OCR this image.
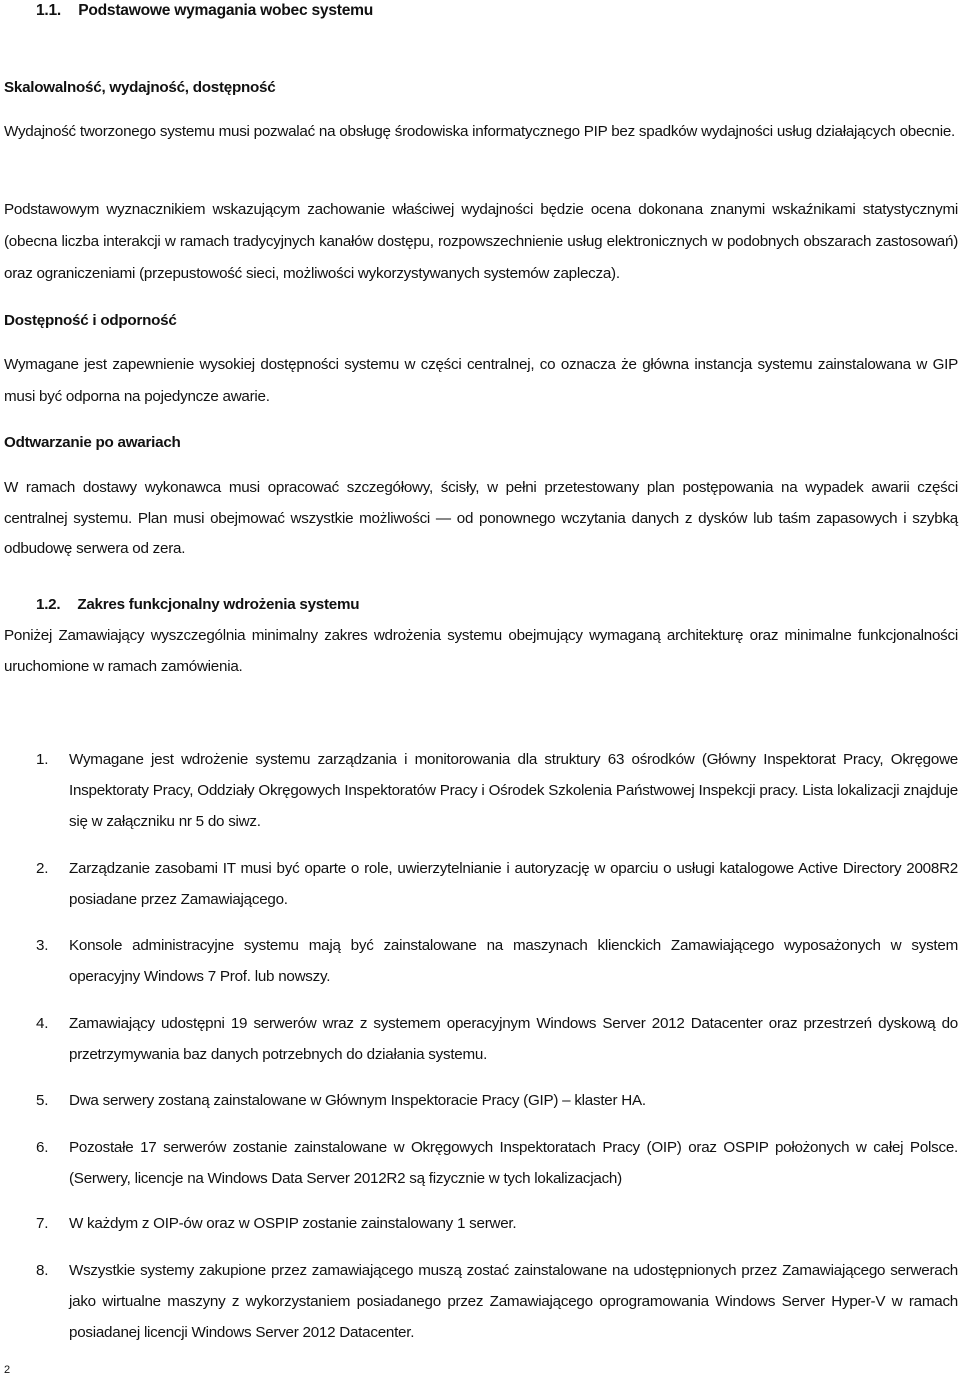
1.1. Podstawowe wymagania wobec systemu
Skalowalność, wydajność, dostępność

Wydajność tworzonego systemu musi pozwalać na obsługę środowiska informatycznego PIP bez spadków wydajności usług działających obecnie.

Podstawowym wyznacznikiem wskazującym zachowanie właściwej wydajności będzie ocena dokonana znanymi wskaźnikami statystycznymi (obecna liczba interakcji w ramach tradycyjnych kanałów dostępu, rozpowszechnienie usług elektronicznych w podobnych obszarach zastosowań) oraz ograniczeniami (przepustowość sieci, możliwości wykorzystywanych systemów zaplecza).

Dostępność i odporność

Wymagane jest zapewnienie wysokiej dostępności systemu w części centralnej, co oznacza że główna instancja systemu zainstalowana w GIP musi być odporna na pojedyncze awarie.

Odtwarzanie po awariach

W ramach dostawy wykonawca musi opracować szczegółowy, ścisły, w pełni przetestowany plan postępowania na wypadek awarii części centralnej systemu. Plan musi obejmować wszystkie możliwości — od ponownego wczytania danych z dysków lub taśm zapasowych i szybką odbudowę serwera od zera.

1.2. Zakres funkcjonalny wdrożenia systemu

Poniżej Zamawiający wyszczególnia minimalny zakres wdrożenia systemu obejmujący wymaganą architekturę oraz minimalne funkcjonalności uruchomione w ramach zamówienia.

1.	Wymagane jest wdrożenie systemu zarządzania i monitorowania dla struktury 63 ośrodków (Główny Inspektorat Pracy, Okręgowe Inspektoraty Pracy, Oddziały Okręgowych Inspektoratów Pracy i Ośrodek Szkolenia Państwowej Inspekcji pracy. Lista lokalizacji znajduje się w załączniku nr 5 do siwz.
2.	Zarządzanie zasobami IT musi być oparte o role, uwierzytelnianie i autoryzację w oparciu o usługi katalogowe Active Directory 2008R2 posiadane przez Zamawiającego.
3.	Konsole administracyjne systemu mają być zainstalowane na maszynach klienckich Zamawiającego wyposażonych w system operacyjny Windows 7 Prof. lub nowszy.
4.	Zamawiający udostępni 19 serwerów wraz z systemem operacyjnym Windows Server 2012 Datacenter oraz przestrzeń dyskową do przetrzymywania baz danych potrzebnych do działania systemu.
5.	Dwa serwery zostaną zainstalowane w Głównym Inspektoracie Pracy (GIP) – klaster HA.
6.	Pozostałe 17 serwerów zostanie zainstalowane w Okręgowych Inspektoratach Pracy (OIP) oraz OSPIP położonych w całej Polsce. (Serwery, licencje na Windows Data Server 2012R2 są fizycznie w tych lokalizacjach)
7.	W każdym z OIP-ów oraz w OSPIP zostanie zainstalowany 1 serwer.
8.	Wszystkie systemy zakupione przez zamawiającego muszą zostać zainstalowane na udostępnionych przez Zamawiającego serwerach jako wirtualne maszyny z wykorzystaniem posiadanego przez Zamawiającego oprogramowania Windows Server Hyper-V w ramach posiadanej licencji Windows Server 2012 Datacenter.
2
